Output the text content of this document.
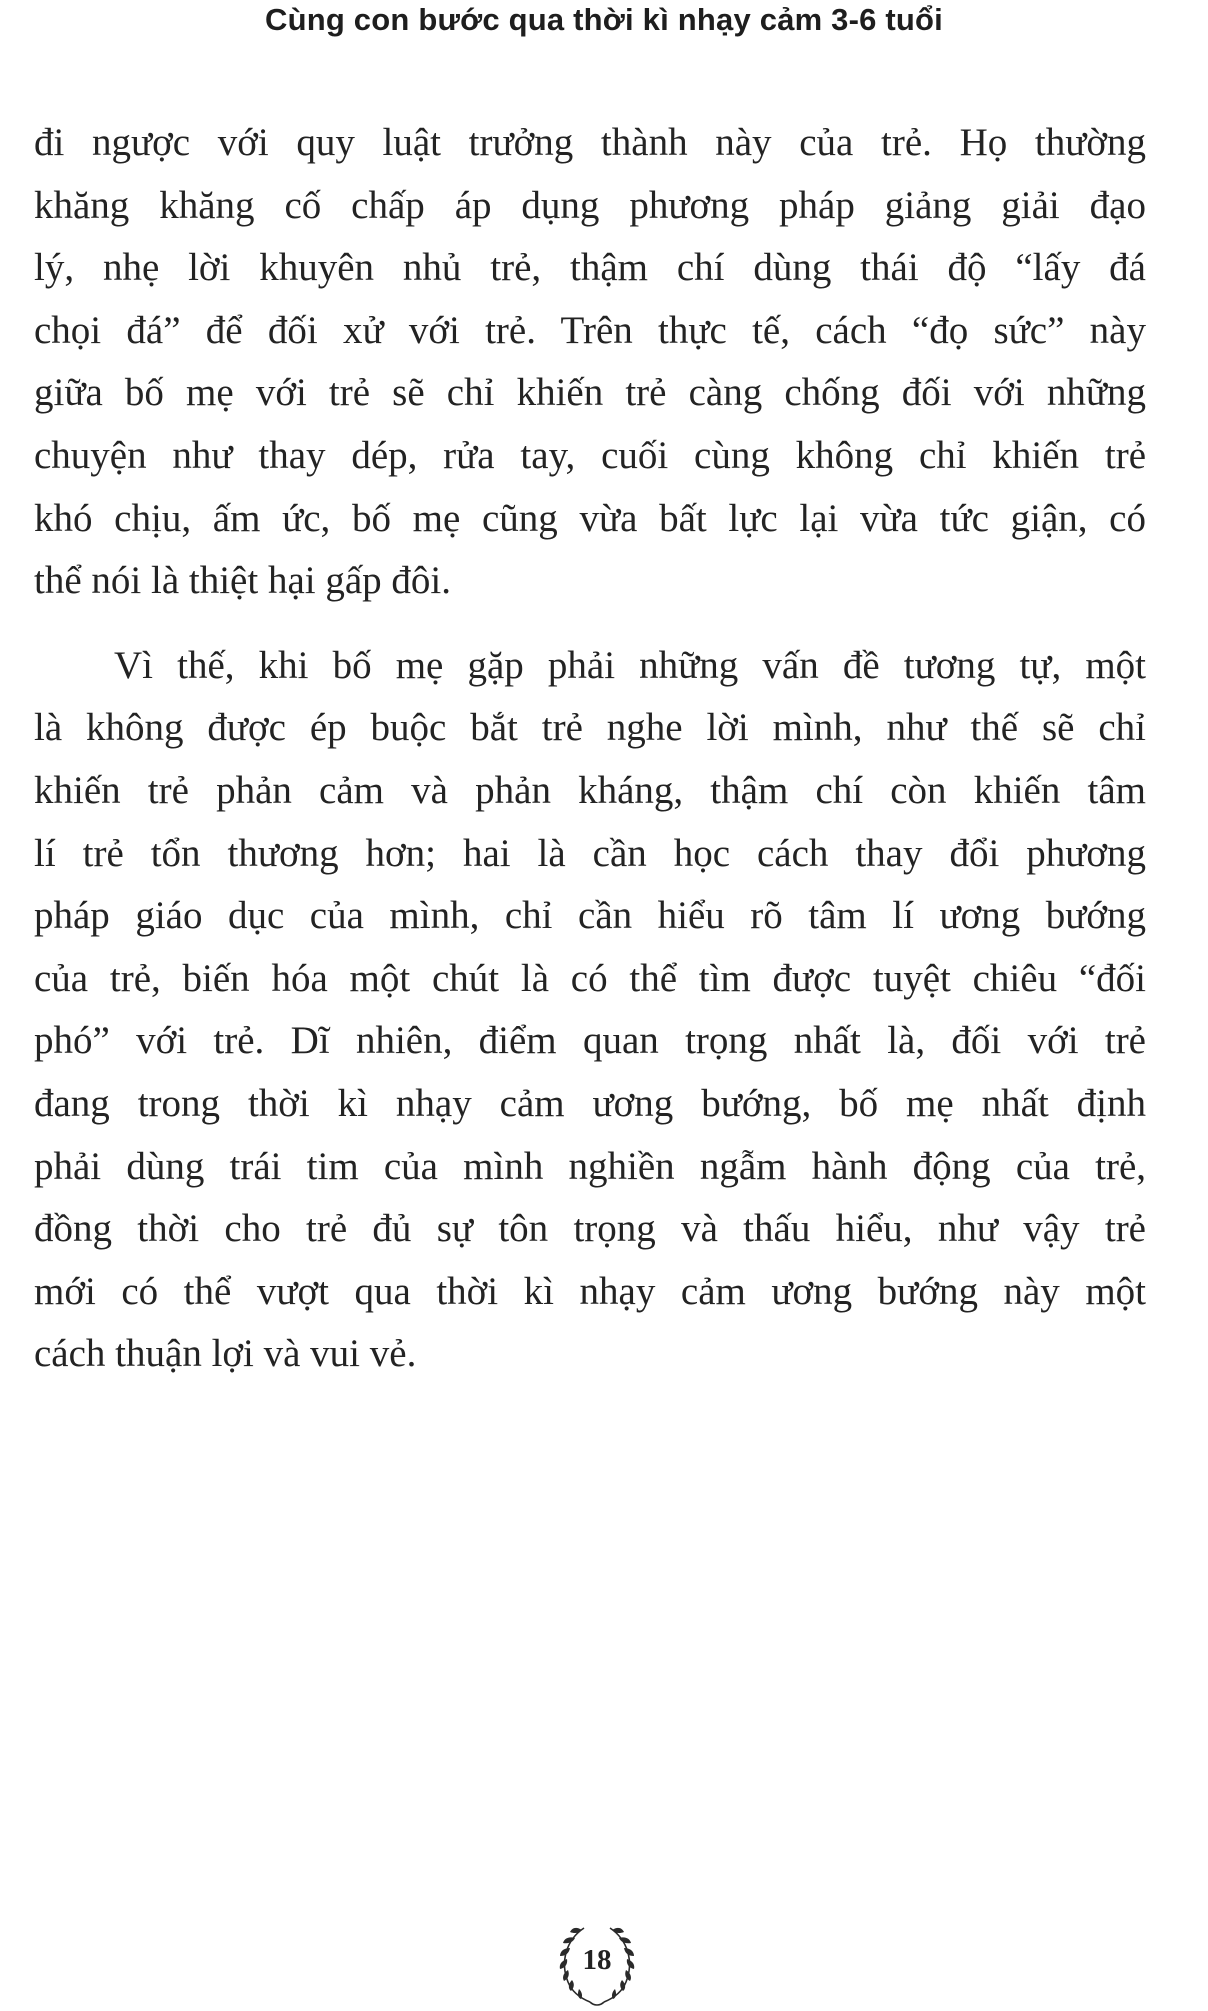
Cùng con bước qua thời kì nhạy cảm 3-6 tuổi

đi ngược với quy luật trưởng thành này của trẻ. Họ thường
khăng khăng cố chấp áp dụng phương pháp giảng giải đạo
lý, nhẹ lời khuyên nhủ trẻ, thậm chí dùng thái độ “lấy đá
chọi đá” để đối xử với trẻ. Trên thực tế, cách “đọ sức” này
giữa bố mẹ với trẻ sẽ chỉ khiến trẻ càng chống đối với những
chuyện như thay dép, rửa tay, cuối cùng không chỉ khiến trẻ
khó chịu, ấm ức, bố mẹ cũng vừa bất lực lại vừa tức giận, có
thể nói là thiệt hại gấp đôi.

Vì thế, khi bố mẹ gặp phải những vấn đề tương tự, một
là không được ép buộc bắt trẻ nghe lời mình, như thế sẽ chỉ
khiến trẻ phản cảm và phản kháng, thậm chí còn khiến tâm
lí trẻ tổn thương hơn; hai là cần học cách thay đổi phương
pháp giáo dục của mình, chỉ cần hiểu rõ tâm lí ương bướng
của trẻ, biến hóa một chút là có thể tìm được tuyệt chiêu “đối
phó” với trẻ. Dĩ nhiên, điểm quan trọng nhất là, đối với trẻ
đang trong thời kì nhạy cảm ương bướng, bố mẹ nhất định
phải dùng trái tim của mình nghiền ngẫm hành động của trẻ,
đồng thời cho trẻ đủ sự tôn trọng và thấu hiểu, như vậy trẻ
mới có thể vượt qua thời kì nhạy cảm ương bướng này một
cách thuận lợi và vui vẻ.

18
